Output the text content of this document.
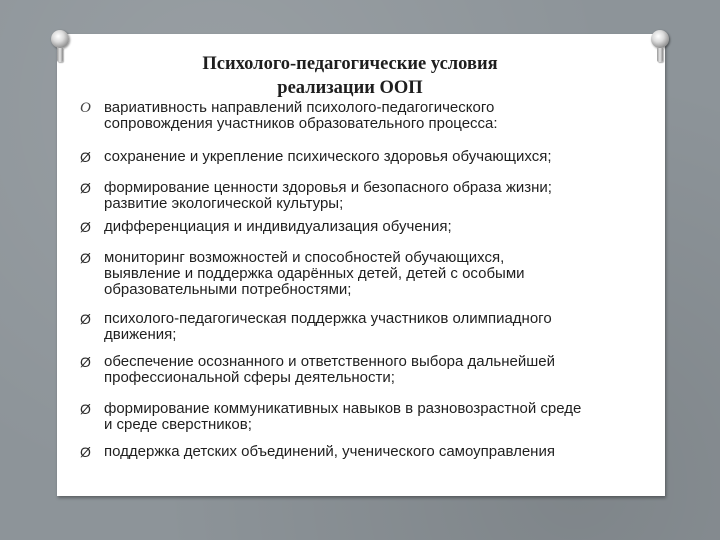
Психолого-педагогические условия
реализации ООП
O вариативность направлений психолого-педагогического
сопровождения участников образовательного процесса:
Ø сохранение и укрепление психического здоровья обучающихся;
Ø формирование ценности здоровья и безопасного образа жизни;
развитие экологической культуры;
Ø дифференциация и индивидуализация обучения;
Ø мониторинг возможностей и способностей обучающихся,
выявление и поддержка одарённых детей, детей с особыми
образовательными потребностями;
Ø психолого-педагогическая поддержка участников олимпиадного
движения;
Ø обеспечение осознанного и ответственного выбора дальнейшей
профессиональной сферы деятельности;
Ø формирование коммуникативных навыков в разновозрастной среде
и среде сверстников;
Ø поддержка детских объединений, ученического самоуправления
